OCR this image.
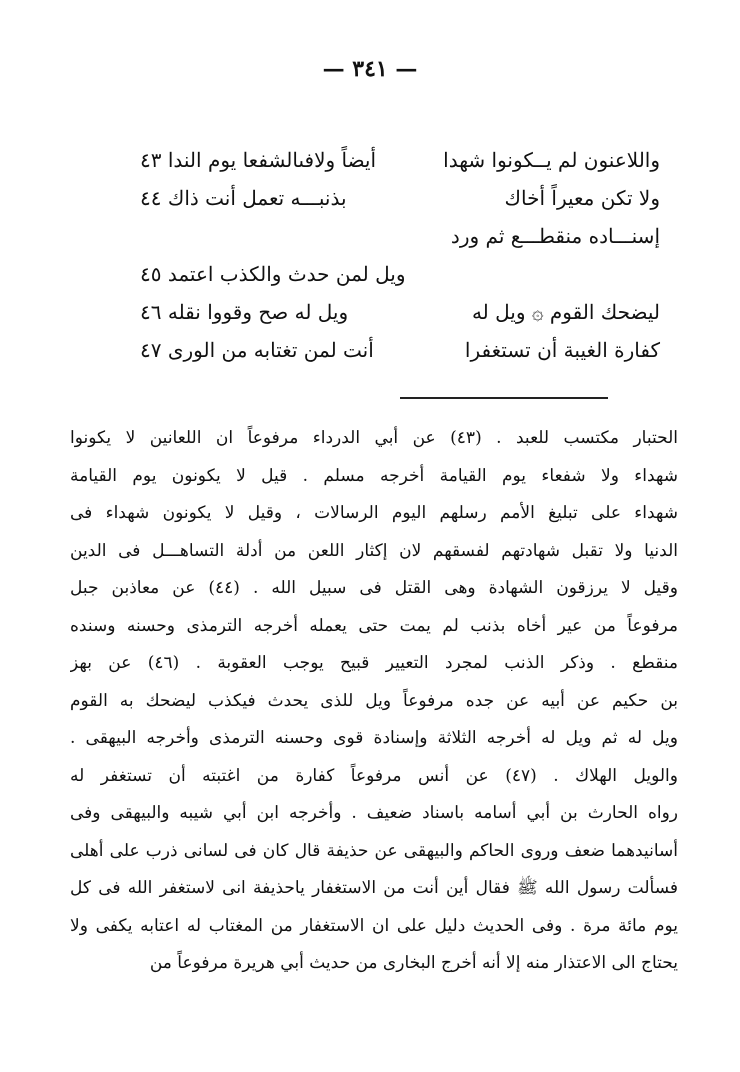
— ٣٤١ —
واللاعنون لم يــكونوا شهدا
أيضاً ولافىالشفعا يوم الندا ٤٣
ولا تكن معيراً أخاك
بذنبـــه تعمل أنت ذاك ٤٤
إسنـــاده منقطـــع ثم ورد
ويل لمن حدث والكذب اعتمد ٤٥
ليضحك القوم ۞ ويل له
ويل له صح وقووا نقله ٤٦
كفارة الغيبة أن تستغفرا
أنت لمن تغتابه من الورى ٤٧
الحتبار مكتسب للعبد . (٤٣) عن أبي الدرداء مرفوعاً ان اللعانين لا يكونوا
شهداء ولا شفعاء يوم القيامة أخرجه مسلم . قيل لا يكونون يوم القيامة
شهداء على تبليغ الأمم رسلهم اليوم الرسالات ، وقيل لا يكونون شهداء فى
الدنيا ولا تقبل شهادتهم لفسقهم لان إكثار اللعن من أدلة التساهـــل فى الدين
وقيل لا يرزقون الشهادة وهى القتل فى سبيل الله . (٤٤) عن معاذبن جبل
مرفوعاً من عير أخاه بذنب لم يمت حتى يعمله أخرجه الترمذى وحسنه وسنده
منقطع . وذكر الذنب لمجرد التعيير قبيح يوجب العقوبة . (٤٦) عن بهز
بن حكيم عن أبيه عن جده مرفوعاً ويل للذى يحدث فيكذب ليضحك به القوم
ويل له ثم ويل له أخرجه الثلاثة وإسنادة قوى وحسنه الترمذى وأخرجه البيهقى .
والويل الهلاك . (٤٧) عن أنس مرفوعاً كفارة من اغتبته أن تستغفر له
رواه الحارث بن أبي أسامه باسناد ضعيف . وأخرجه ابن أبي شيبه والبيهقى وفى
أسانيدهما ضعف وروى الحاكم والبيهقى عن حذيفة قال كان فى لسانى ذرب على أهلى
فسألت رسول الله ﷺ فقال أين أنت من الاستغفار ياحذيفة انى لاستغفر الله فى كل
يوم مائة مرة . وفى الحديث دليل على ان الاستغفار من المغتاب له اعتابه يكفى ولا
يحتاج الى الاعتذار منه إلا أنه أخرج البخارى من حديث أبي هريرة مرفوعاً من
